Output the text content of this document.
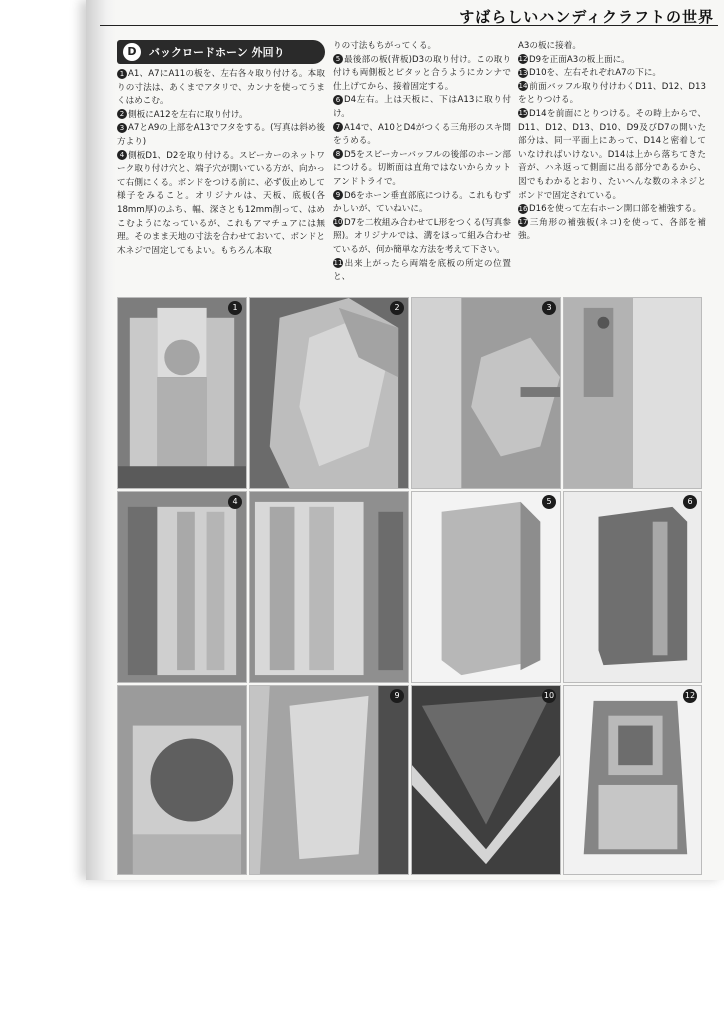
すばらしいハンディクラフトの世界
D	バックロードホーン 外回り
1 A1、A7にA11の板を、左右各々取り付ける。本取りの寸法は、あくまでアタリで、カンナを使ってうまくはめこむ。
2 側板にA12を左右に取り付け。
3 A7とA9の上部をA13でフタをする。(写真は斜め後方より)
4 側板D1、D2を取り付ける。スピーカーのネットワーク取り付け穴と、端子穴が開いている方が、向かって右側にくる。ボンドをつける前に、必ず仮止めして様子をみること。オリジナルは、天板、底板(各18mm厚)のふち、幅、深さとも12mm削って、はめこむようになっているが、これもアマチュアには無理。そのまま天地の寸法を合わせておいて、ボンドと木ネジで固定してもよい。もちろん本取
りの寸法もちがってくる。
5 最後部の板(背板)D3の取り付け。この取り付けも両側板とピタッと合うようにカンナで仕上げてから、接着固定する。
6 D4左右。上は天板に、下はA13に取り付け。
7 A14で、A10とD4がつくる三角形のスキ間をうめる。
8 D5をスピーカーバッフルの後部のホーン部につける。切断面は直角ではないからカットアンドトライで。
9 D6をホーン垂直部底につける。これもむずかしいが、ていねいに。
10 D7を二枚組み合わせてL形をつくる(写真参照)。オリジナルでは、溝をほって組み合わせているが、何か簡単な方法を考えて下さい。
11 出来上がったら両端を底板の所定の位置と、
A3の板に接着。
12 D9を正面A3の板上面に。
13 D10を、左右それぞれA7の下に。
14 前面バッフル取り付けわくD11、D12、D13をとりつける。
15 D14を前面にとりつける。その時上からで、D11、D12、D13、D10、D9及びD7の開いた部分は、同一平面上にあって、D14と密着していなければいけない。D14は上から落ちてきた音が、ハネ返って側面に出る部分であるから、図でもわかるとおり、たいへんな数のネネジとボンドで固定されている。
16 D16を使って左右ホーン開口部を補強する。
17 三角形の補強板(ネコ)を使って、各部を補強。
1	2	3
4	5	6
9	10	12
